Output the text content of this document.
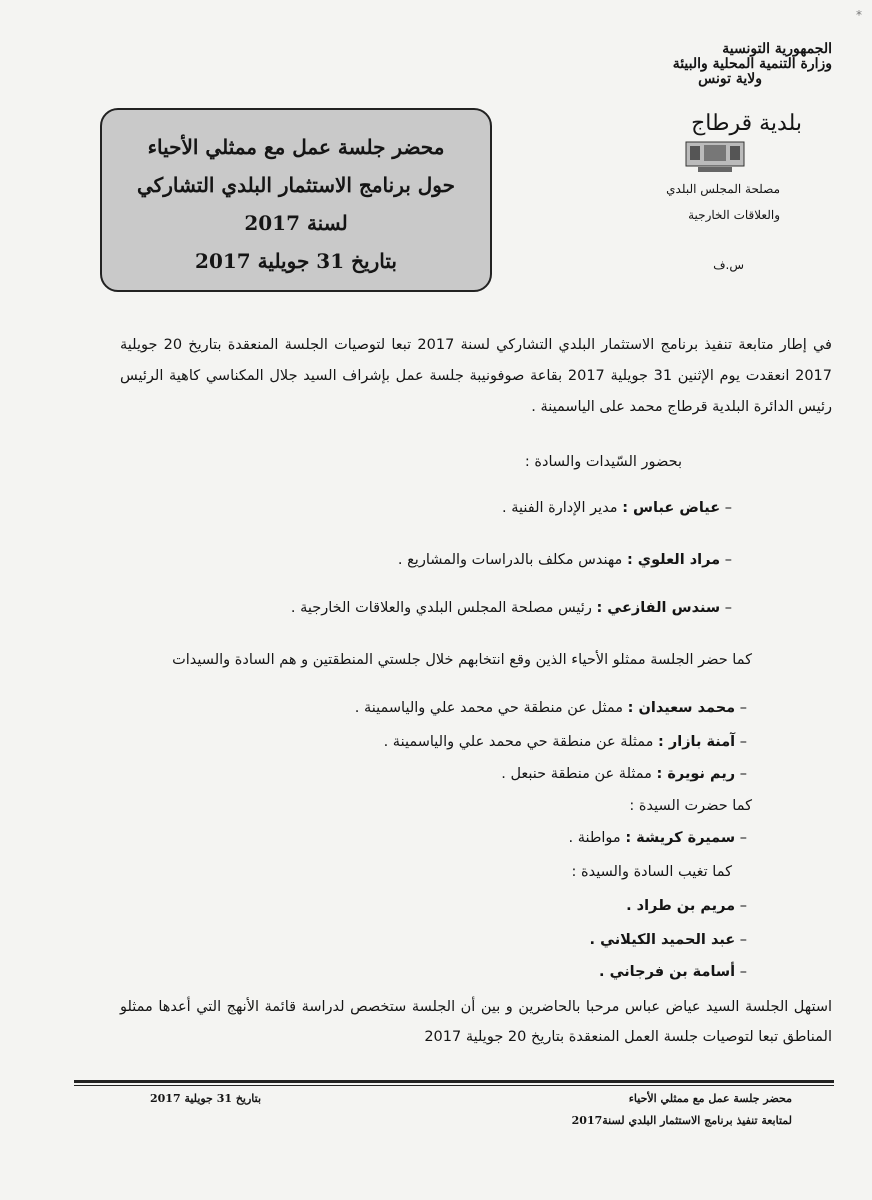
*
الجمهورية التونسية
وزارة التنمية المحلية والبيئة
ولاية تونس
بلدية قرطاج
مصلحة المجلس البلدي
والعلاقات الخارجية
س.ف
محضر جلسة عمل مع ممثلي الأحياء
حول برنامج الاستثمار البلدي التشاركي
لسنة 2017
بتاريخ 31 جويلية 2017
في إطار متابعة تنفيذ برنامج الاستثمار البلدي التشاركي لسنة 2017 تبعا لتوصيات الجلسة المنعقدة بتاريخ 20 جويلية 2017 انعقدت يوم الإثنين 31 جويلية 2017 بقاعة صوفونيبة جلسة عمل بإشراف السيد جلال المكناسي كاهية الرئيس رئيس الدائرة البلدية قرطاج محمد على الياسمينة .
بحضور السّيدات والسادة :
– عياض عباس : مدير الإدارة الفنية .
– مراد العلوي : مهندس مكلف بالدراسات والمشاريع .
– سندس الفازعي : رئيس مصلحة المجلس البلدي والعلاقات الخارجية .
كما حضر الجلسة ممثلو الأحياء الذين وقع انتخابهم خلال جلستي المنطقتين و هم السادة والسيدات
– محمد سعيدان : ممثل عن منطقة حي محمد علي والياسمينة .
– آمنة بازار : ممثلة عن منطقة حي محمد علي والياسمينة .
– ريم نويرة : ممثلة عن منطقة حنبعل .
كما حضرت السيدة :
– سميرة كريشة : مواطنة .
كما تغيب السادة والسيدة :
– مريم بن طراد .
– عبد الحميد الكيلاني .
– أسامة بن فرجاني .
استهل الجلسة السيد عياض عباس مرحبا بالحاضرين و بين أن الجلسة ستخصص لدراسة قائمة الأنهج التي أعدها ممثلو المناطق تبعا لتوصيات جلسة العمل المنعقدة بتاريخ 20 جويلية 2017
محضر جلسة عمل مع ممثلي الأحياء
لمتابعة تنفيذ برنامج الاستثمار البلدي لسنة2017
بتاريخ 31 جويلية 2017
